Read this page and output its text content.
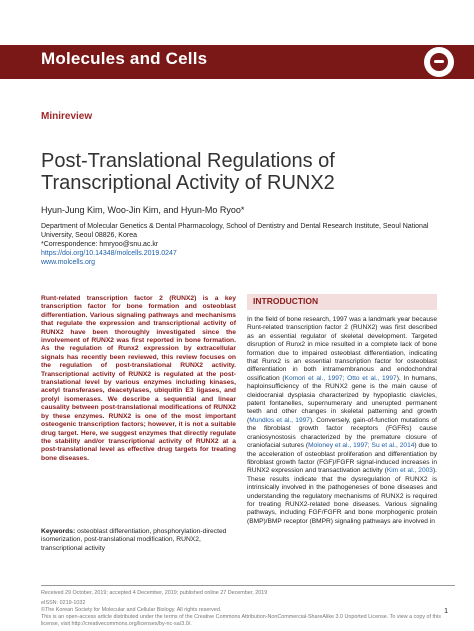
Molecules and Cells
Minireview
Post-Translational Regulations of Transcriptional Activity of RUNX2
Hyun-Jung Kim, Woo-Jin Kim, and Hyun-Mo Ryoo*
Department of Molecular Genetics & Dental Pharmacology, School of Dentistry and Dental Research Institute, Seoul National University, Seoul 08826, Korea
*Correspondence: hmryoo@snu.ac.kr
https://doi.org/10.14348/molcells.2019.0247
www.molcells.org
Runt-related transcription factor 2 (RUNX2) is a key transcription factor for bone formation and osteoblast differentiation. Various signaling pathways and mechanisms that regulate the expression and transcriptional activity of RUNX2 have been thoroughly investigated since the involvement of RUNX2 was first reported in bone formation. As the regulation of Runx2 expression by extracellular signals has recently been reviewed, this review focuses on the regulation of post-translational RUNX2 activity. Transcriptional activity of RUNX2 is regulated at the post-translational level by various enzymes including kinases, acetyl transferases, deacetylases, ubiquitin E3 ligases, and prolyl isomerases. We describe a sequential and linear causality between post-translational modifications of RUNX2 by these enzymes. RUNX2 is one of the most important osteogenic transcription factors; however, it is not a suitable drug target. Here, we suggest enzymes that directly regulate the stability and/or transcriptional activity of RUNX2 at a post-translational level as effective drug targets for treating bone diseases.
Keywords: osteoblast differentiation, phosphorylation-directed isomerization, post-translational modification, RUNX2, transcriptional activity
INTRODUCTION
In the field of bone research, 1997 was a landmark year because Runt-related transcription factor 2 (RUNX2) was first described as an essential regulator of skeletal development. Targeted disruption of Runx2 in mice resulted in a complete lack of bone formation due to impaired osteoblast differentiation, indicating that Runx2 is an essential transcription factor for osteoblast differentiation in both intramembranous and endochondral ossification (Komori et al., 1997; Otto et al., 1997). In humans, haploinsufficiency of the RUNX2 gene is the main cause of cleidocranial dysplasia characterized by hypoplastic clavicles, patent fontanelles, supernumerary and unerupted permanent teeth and other changes in skeletal patterning and growth (Mundlos et al., 1997). Conversely, gain-of-function mutations of the fibroblast growth factor receptors (FGFRs) cause craniosynostosis characterized by the premature closure of craniofacial sutures (Moloney et al., 1997; Su et al., 2014) due to the acceleration of osteoblast proliferation and differentiation by fibroblast growth factor (FGF)/FGFR signal-induced increases in RUNX2 expression and transactivation activity (Kim et al., 2003). These results indicate that the dysregulation of RUNX2 is intrinsically involved in the pathogeneses of bone diseases and understanding the regulatory mechanisms of RUNX2 is required for treating RUNX2-related bone diseases. Various signaling pathways, including FGF/FGFR and bone morphogenic protein (BMP)/BMP receptor (BMPR) signaling pathways are involved in
Received 29 October, 2019; accepted 4 December, 2019; published online 27 December, 2019
eISSN: 0219-1032
©The Korean Society for Molecular and Cellular Biology. All rights reserved.
This is an open-access article distributed under the terms of the Creative Commons Attribution-NonCommercial-ShareAlike 3.0 Unported License. To view a copy of this license, visit http://creativecommons.org/licenses/by-nc-sa/3.0/.
1
